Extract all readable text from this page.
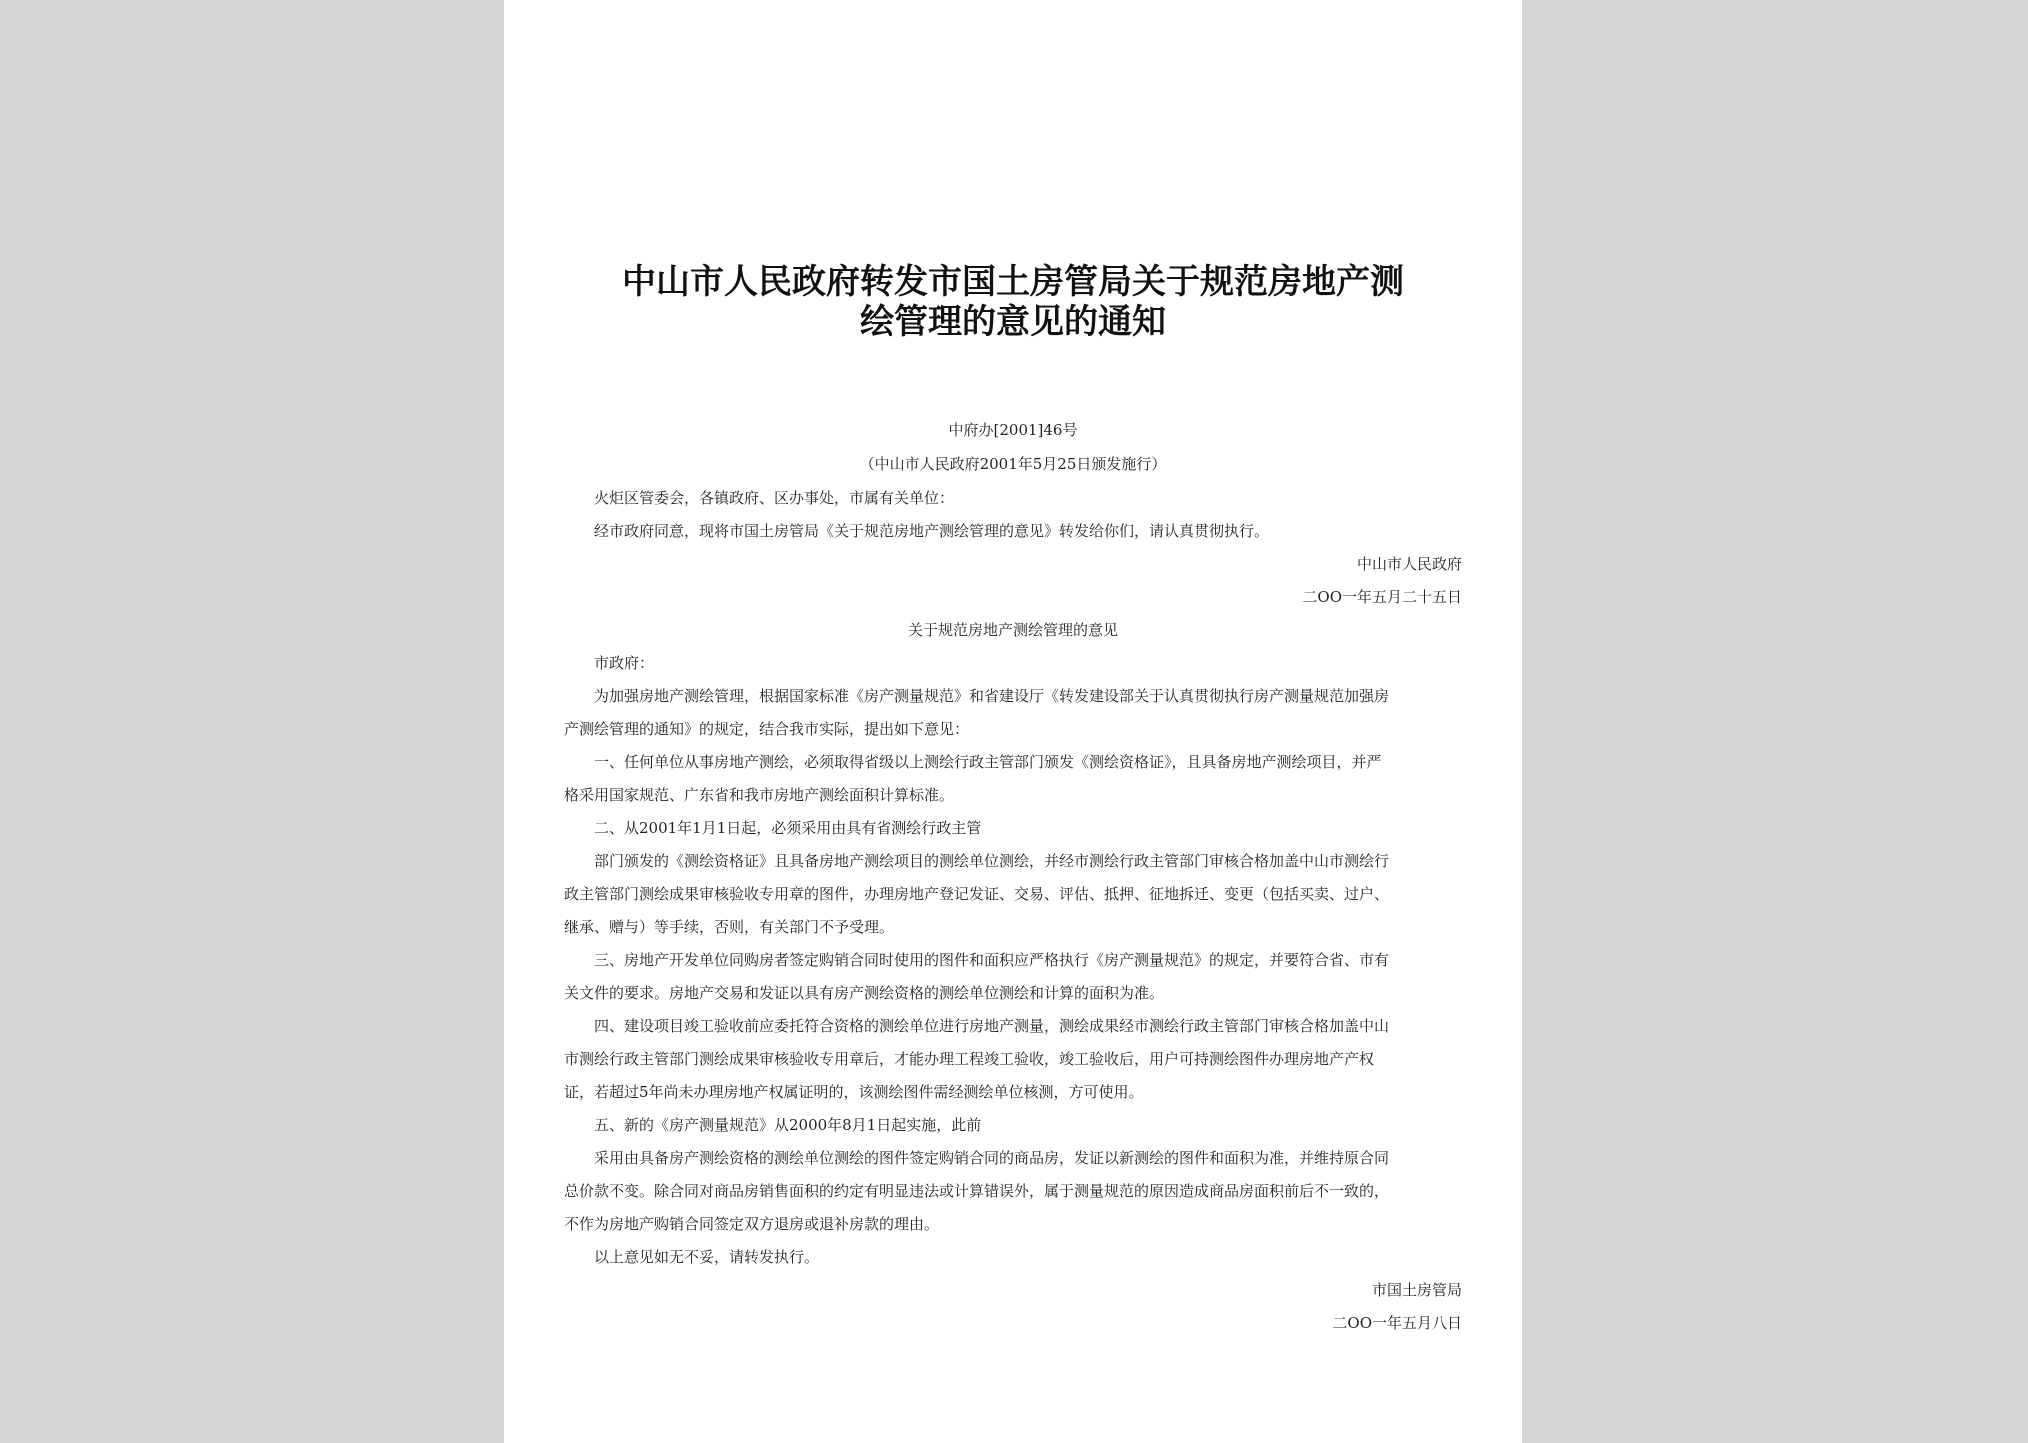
中山市人民政府转发市国土房管局关于规范房地产测
绘管理的意见的通知
中府办[2001]46号
（中山市人民政府2001年5月25日颁发施行）
火炬区管委会，各镇政府、区办事处，市属有关单位：
经市政府同意，现将市国土房管局《关于规范房地产测绘管理的意见》转发给你们，请认真贯彻执行。
中山市人民政府
二OO一年五月二十五日
关于规范房地产测绘管理的意见
市政府：
为加强房地产测绘管理，根据国家标准《房产测量规范》和省建设厅《转发建设部关于认真贯彻执行房产测量规范加强房
产测绘管理的通知》的规定，结合我市实际，提出如下意见：
一、任何单位从事房地产测绘，必须取得省级以上测绘行政主管部门颁发《测绘资格证》，且具备房地产测绘项目，并严
格采用国家规范、广东省和我市房地产测绘面积计算标准。
二、从2001年1月1日起，必须采用由具有省测绘行政主管
部门颁发的《测绘资格证》且具备房地产测绘项目的测绘单位测绘，并经市测绘行政主管部门审核合格加盖中山市测绘行
政主管部门测绘成果审核验收专用章的图件，办理房地产登记发证、交易、评估、抵押、征地拆迁、变更（包括买卖、过户、
继承、赠与）等手续，否则，有关部门不予受理。
三、房地产开发单位同购房者签定购销合同时使用的图件和面积应严格执行《房产测量规范》的规定，并要符合省、市有
关文件的要求。房地产交易和发证以具有房产测绘资格的测绘单位测绘和计算的面积为准。
四、建设项目竣工验收前应委托符合资格的测绘单位进行房地产测量，测绘成果经市测绘行政主管部门审核合格加盖中山
市测绘行政主管部门测绘成果审核验收专用章后，才能办理工程竣工验收，竣工验收后，用户可持测绘图件办理房地产产权
证，若超过5年尚未办理房地产权属证明的，该测绘图件需经测绘单位核测，方可使用。
五、新的《房产测量规范》从2000年8月1日起实施，此前
采用由具备房产测绘资格的测绘单位测绘的图件签定购销合同的商品房，发证以新测绘的图件和面积为准，并维持原合同
总价款不变。除合同对商品房销售面积的约定有明显违法或计算错误外，属于测量规范的原因造成商品房面积前后不一致的，
不作为房地产购销合同签定双方退房或退补房款的理由。
以上意见如无不妥，请转发执行。
市国土房管局
二OO一年五月八日
